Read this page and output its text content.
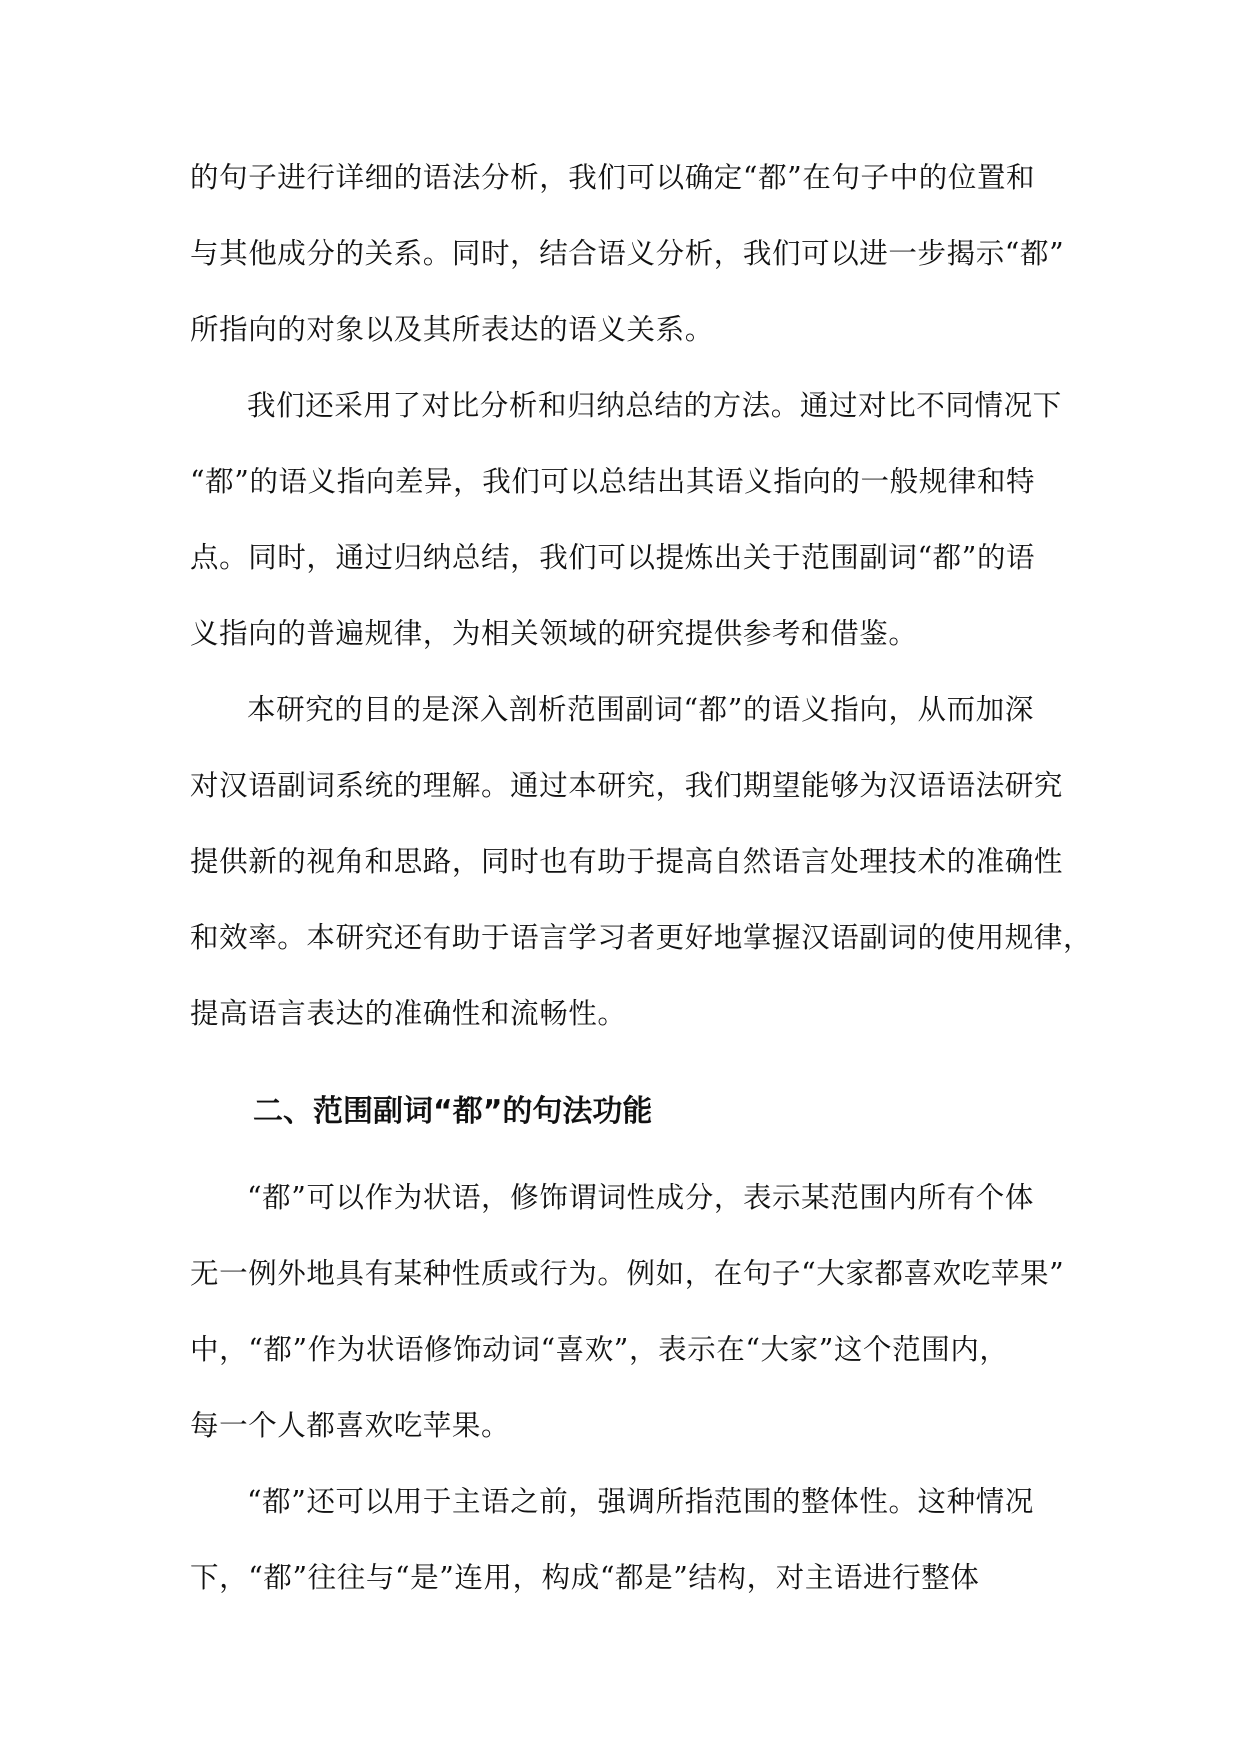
的句子进行详细的语法分析，我们可以确定“都”在句子中的位置和
与其他成分的关系。同时，结合语义分析，我们可以进一步揭示“都”
所指向的对象以及其所表达的语义关系。
我们还采用了对比分析和归纳总结的方法。通过对比不同情况下
“都”的语义指向差异，我们可以总结出其语义指向的一般规律和特
点。同时，通过归纳总结，我们可以提炼出关于范围副词“都”的语
义指向的普遍规律，为相关领域的研究提供参考和借鉴。
本研究的目的是深入剖析范围副词“都”的语义指向，从而加深
对汉语副词系统的理解。通过本研究，我们期望能够为汉语语法研究
提供新的视角和思路，同时也有助于提高自然语言处理技术的准确性
和效率。本研究还有助于语言学习者更好地掌握汉语副词的使用规律，
提高语言表达的准确性和流畅性。
二、范围副词“都”的句法功能
“都”可以作为状语，修饰谓词性成分，表示某范围内所有个体
无一例外地具有某种性质或行为。例如，在句子“大家都喜欢吃苹果”
中，“都”作为状语修饰动词“喜欢”，表示在“大家”这个范围内，
每一个人都喜欢吃苹果。
“都”还可以用于主语之前，强调所指范围的整体性。这种情况
下，“都”往往与“是”连用，构成“都是”结构，对主语进行整体
